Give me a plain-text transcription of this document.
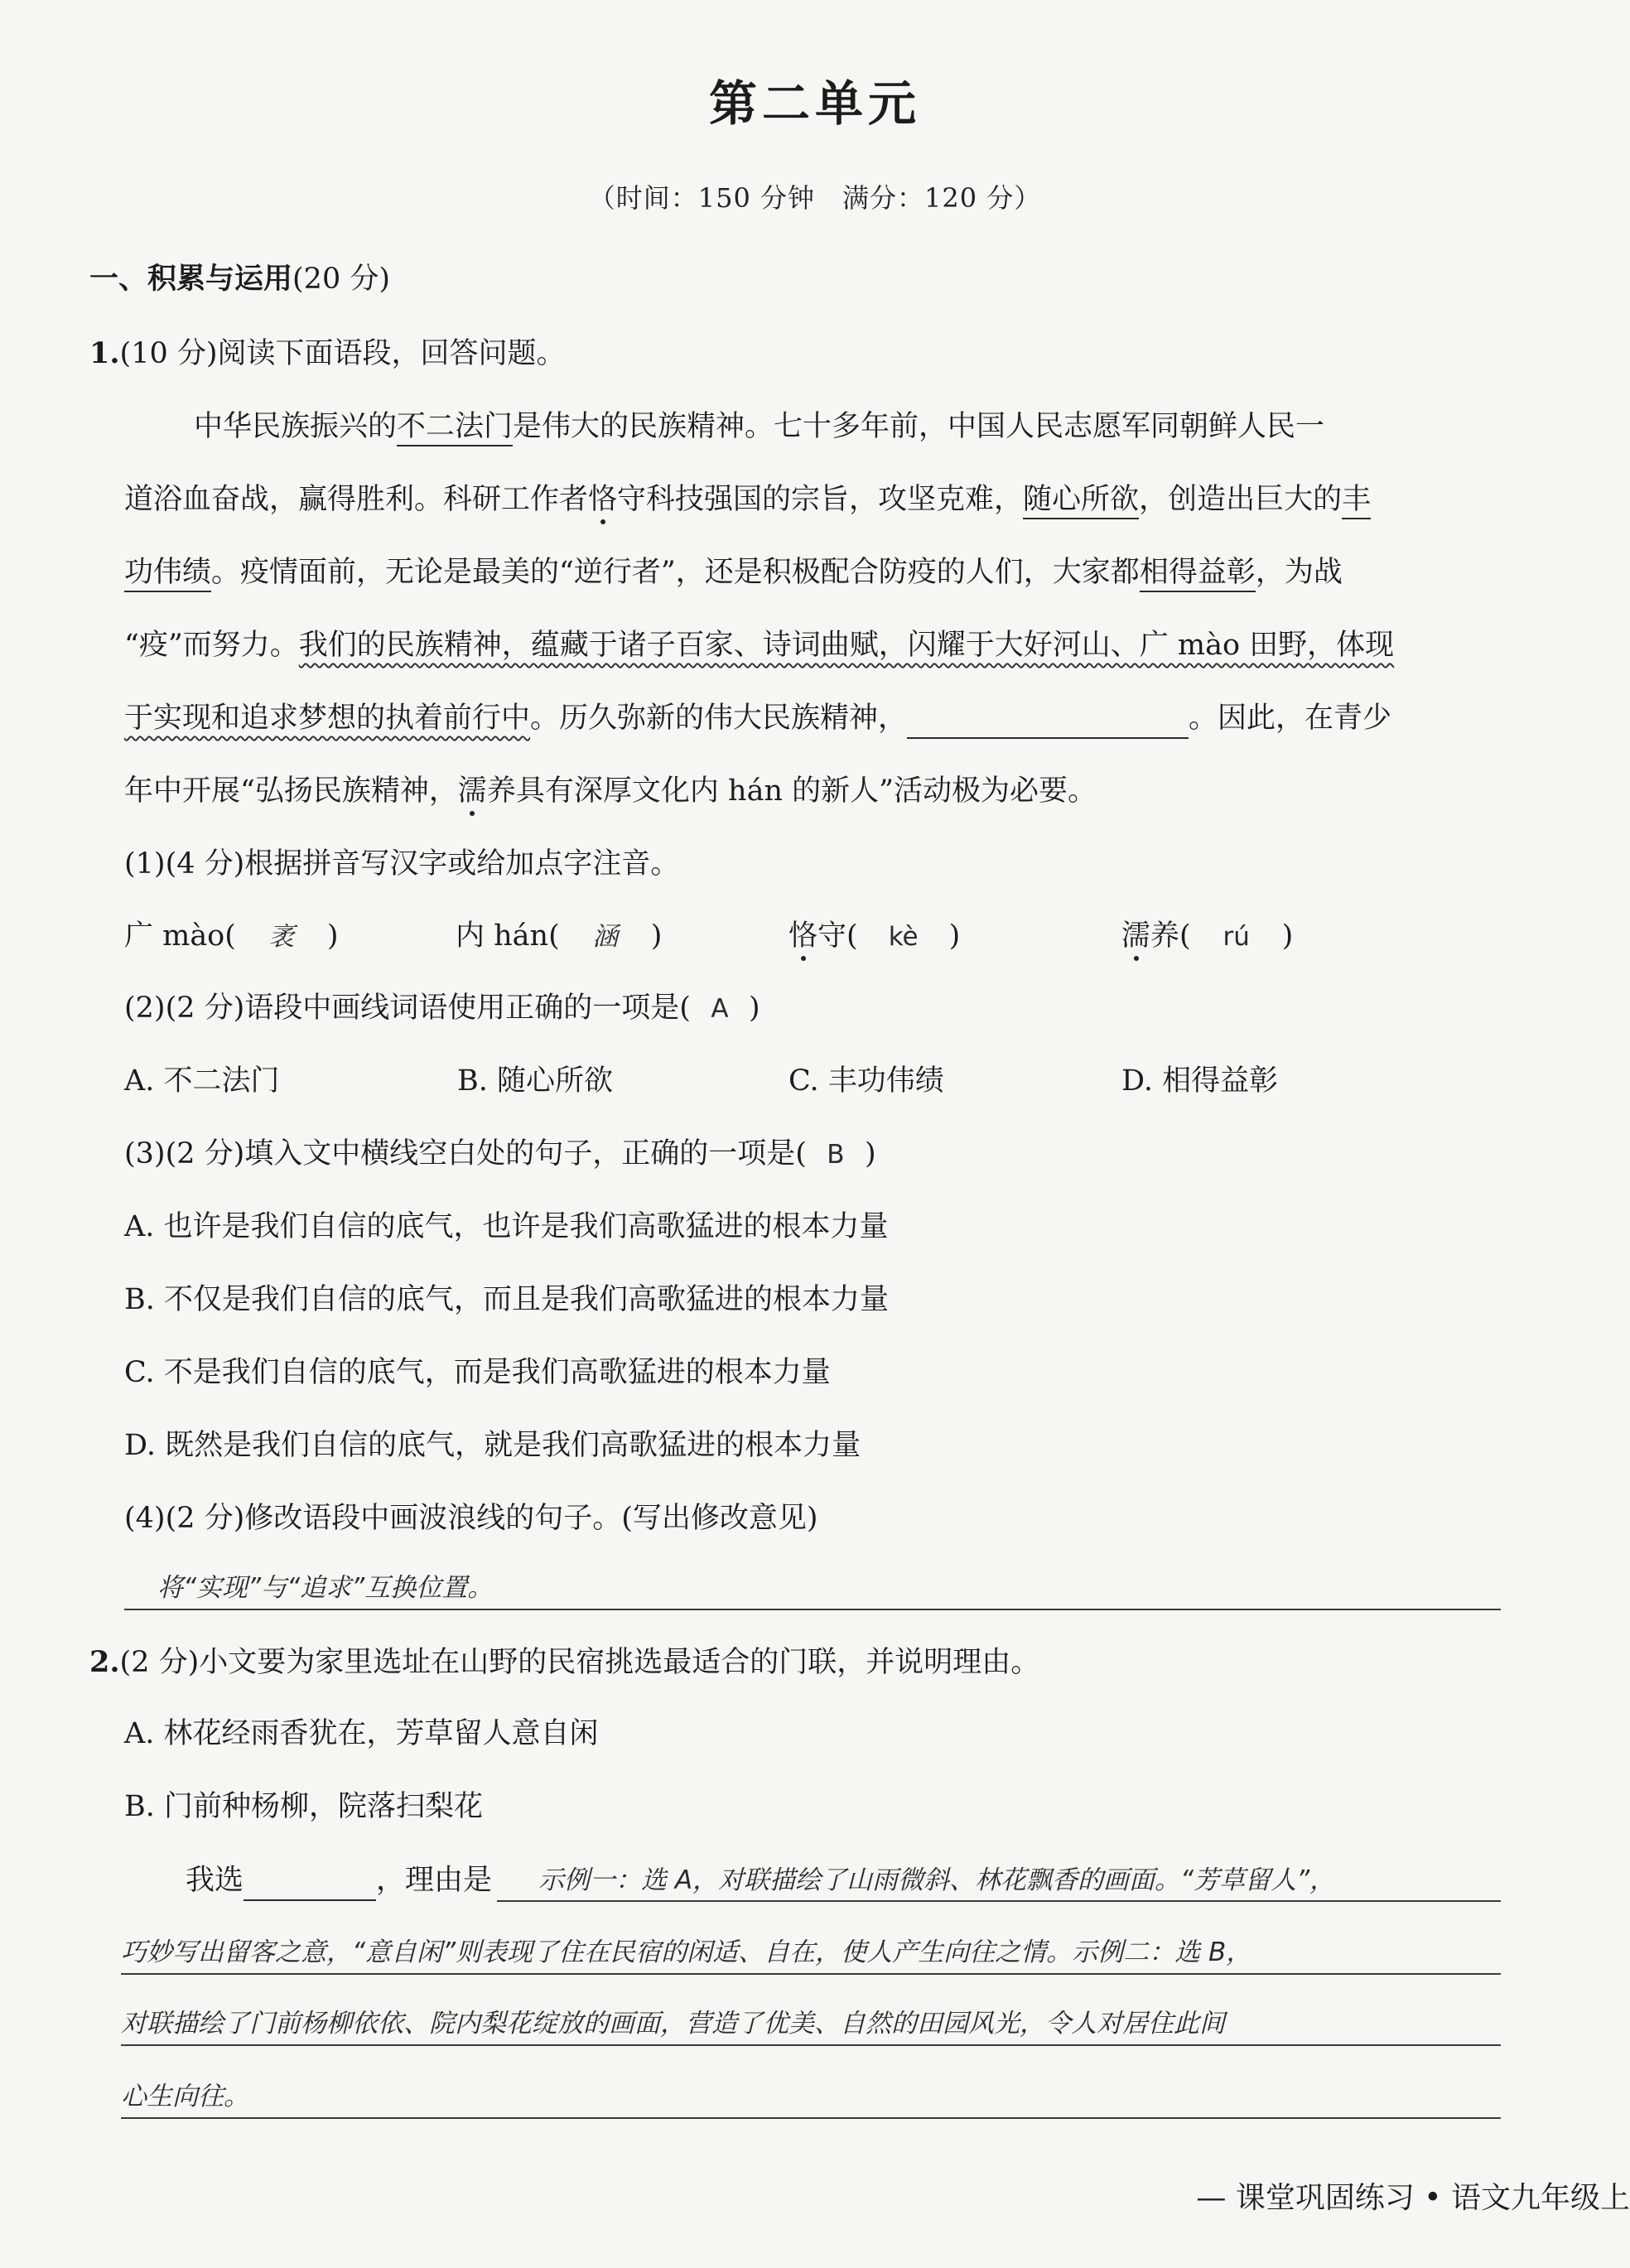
第二单元
（时间：150 分钟　满分：120 分）
一、积累与运用(20 分)
1.(10 分)阅读下面语段，回答问题。
中华民族振兴的不二法门是伟大的民族精神。七十多年前，中国人民志愿军同朝鲜人民一
道浴血奋战，赢得胜利。科研工作者恪守科技强国的宗旨，攻坚克难，随心所欲，创造出巨大的丰
功伟绩。疫情面前，无论是最美的“逆行者”，还是积极配合防疫的人们，大家都相得益彰，为战
“疫”而努力。我们的民族精神，蕴藏于诸子百家、诗词曲赋，闪耀于大好河山、广 mào 田野，体现
于实现和追求梦想的执着前行中。历久弥新的伟大民族精神，	。因此，在青少
年中开展“弘扬民族精神，濡养具有深厚文化内 hán 的新人”活动极为必要。
(1)(4 分)根据拼音写汉字或给加点字注音。
广 mào( 袤 )	内 hán( 涵 )	恪守( kè )	濡养( rú )
(2)(2 分)语段中画线词语使用正确的一项是( A )
A. 不二法门	B. 随心所欲	C. 丰功伟绩	D. 相得益彰
(3)(2 分)填入文中横线空白处的句子，正确的一项是( B )
A. 也许是我们自信的底气，也许是我们高歌猛进的根本力量
B. 不仅是我们自信的底气，而且是我们高歌猛进的根本力量
C. 不是我们自信的底气，而是我们高歌猛进的根本力量
D. 既然是我们自信的底气，就是我们高歌猛进的根本力量
(4)(2 分)修改语段中画波浪线的句子。(写出修改意见)
将“实现”与“追求”互换位置。
2.(2 分)小文要为家里选址在山野的民宿挑选最适合的门联，并说明理由。
A. 林花经雨香犹在，芳草留人意自闲
B. 门前种杨柳，院落扫梨花
我选	，理由是 示例一：选 A，对联描绘了山雨微斜、林花飘香的画面。“芳草留人”，
巧妙写出留客之意，“意自闲”则表现了住在民宿的闲适、自在，使人产生向往之情。示例二：选 B，
对联描绘了门前杨柳依依、院内梨花绽放的画面，营造了优美、自然的田园风光，令人对居住此间
心生向往。
— 课堂巩固练习 • 语文九年级上
